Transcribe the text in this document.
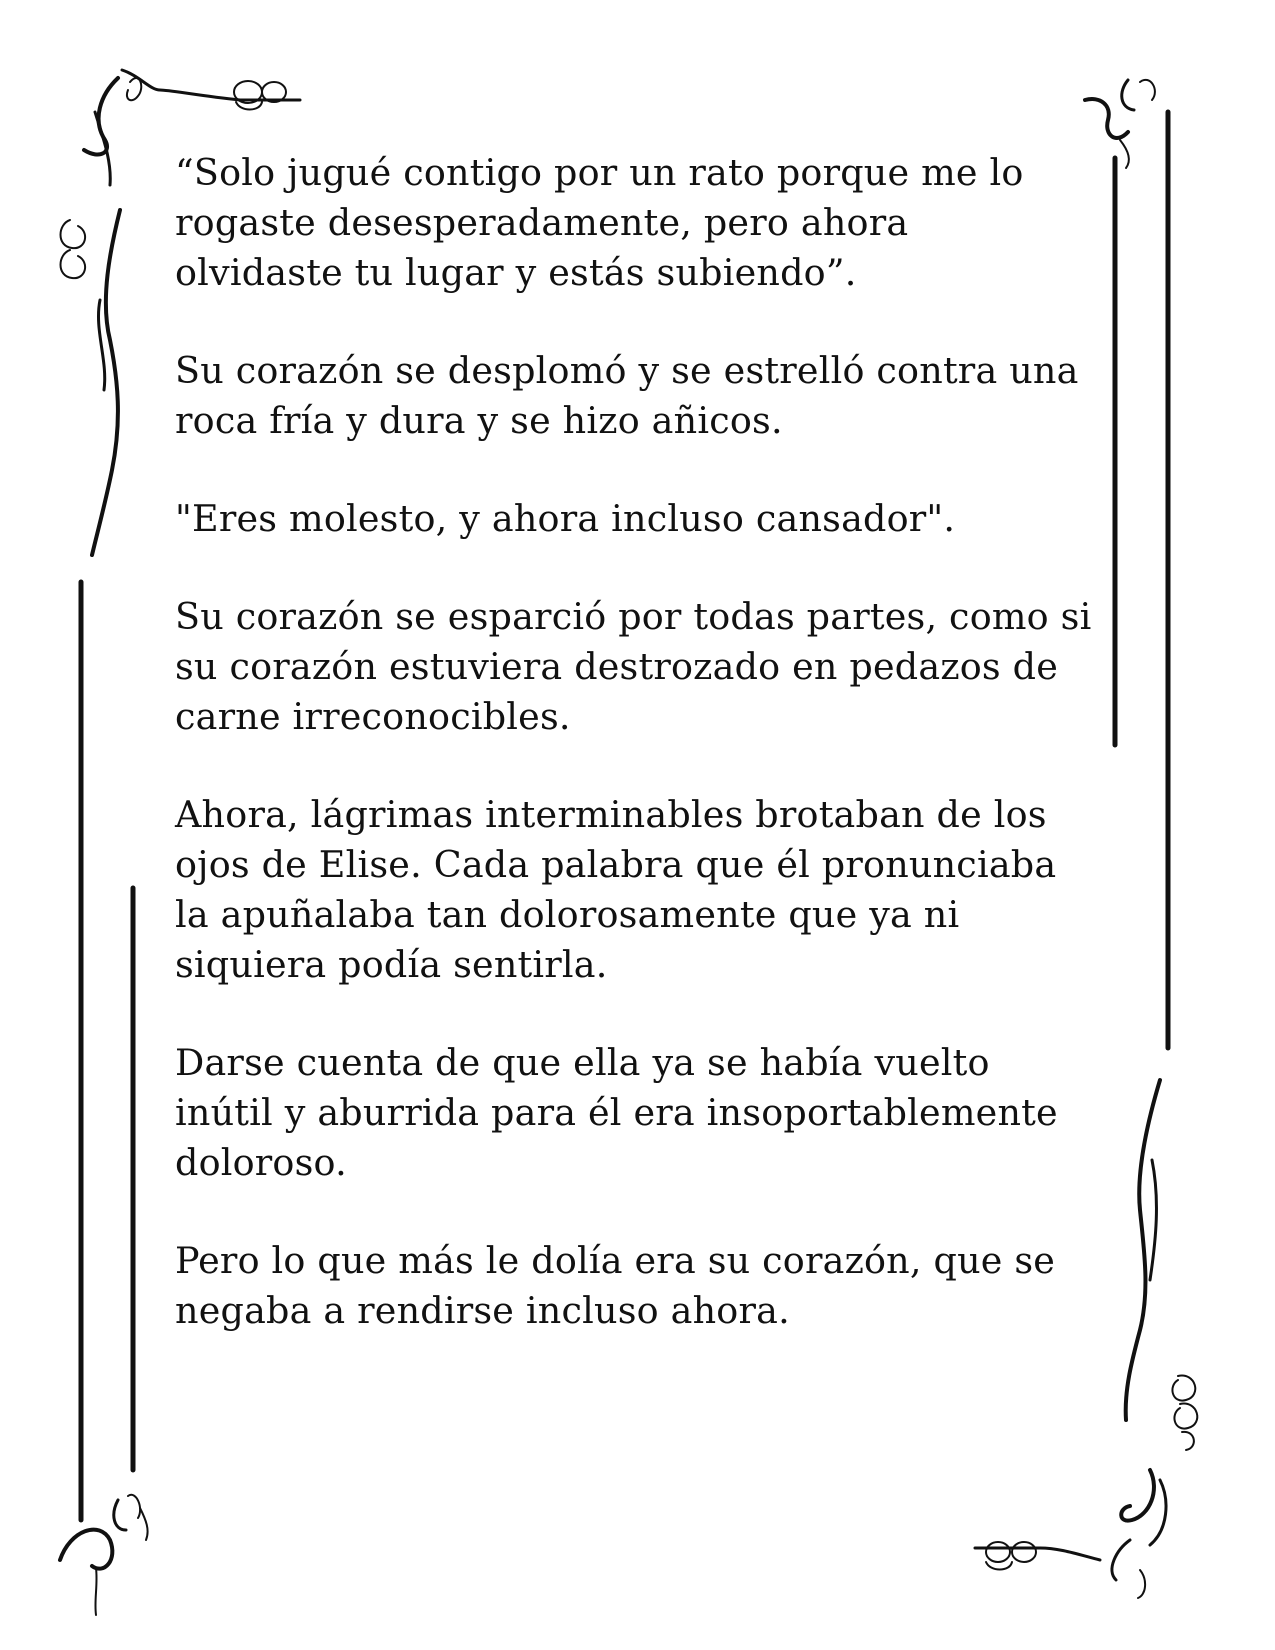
“Solo jugué contigo por un rato porque me lo
rogaste desesperadamente, pero ahora
olvidaste tu lugar y estás subiendo”.

Su corazón se desplomó y se estrelló contra una
roca fría y dura y se hizo añicos.

"Eres molesto, y ahora incluso cansador".

Su corazón se esparció por todas partes, como si
su corazón estuviera destrozado en pedazos de
carne irreconocibles.

Ahora, lágrimas interminables brotaban de los
ojos de Elise. Cada palabra que él pronunciaba
la apuñalaba tan dolorosamente que ya ni
siquiera podía sentirla.

Darse cuenta de que ella ya se había vuelto
inútil y aburrida para él era insoportablemente
doloroso.

Pero lo que más le dolía era su corazón, que se
negaba a rendirse incluso ahora.
